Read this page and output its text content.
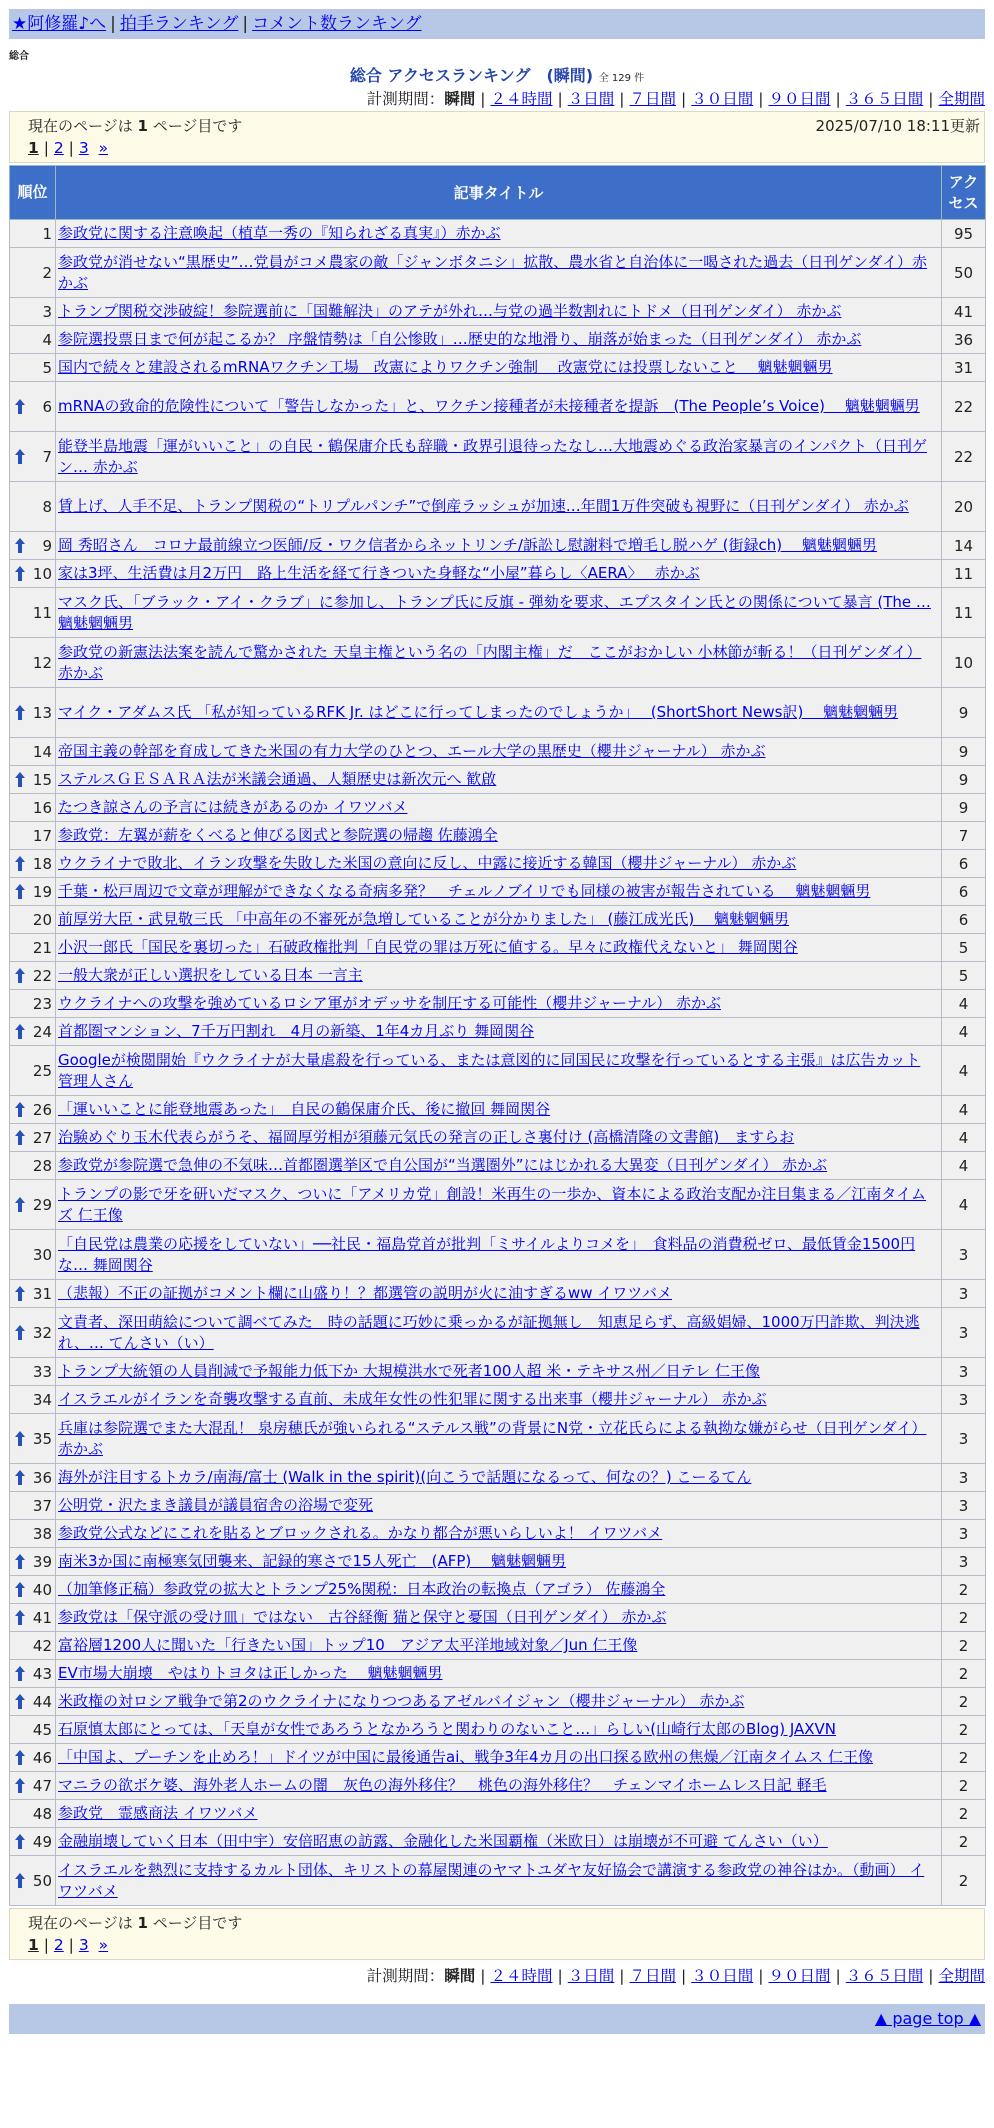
★阿修羅♪へ | 拍手ランキング | コメント数ランキング
総合
総合 アクセスランキング　(瞬間) 全 129 件
計測期間：瞬間 | ２４時間 | ３日間 | ７日間 | ３０日間 | ９０日間 | ３６５日間 | 全期間
現在のページは 1 ページ目です	2025/07/10 18:11更新
1 | 2 | 3 »
順位	記事タイトル	アクセス
1	参政党に関する注意喚起（植草一秀の『知られざる真実』）赤かぶ	95
2	参政党が消せない“黒歴史”…党員がコメ農家の敵「ジャンボタニシ」拡散、農水省と自治体に一喝された過去（日刊ゲンダイ）赤かぶ	50
3	トランプ関税交渉破綻！参院選前に「国難解決」のアテが外れ…与党の過半数割れにトドメ（日刊ゲンダイ） 赤かぶ	41
4	参院選投票日まで何が起こるか？ 序盤情勢は「自公惨敗」…歴史的な地滑り、崩落が始まった（日刊ゲンダイ） 赤かぶ	36
5	国内で続々と建設されるmRNAワクチン工場　改憲によりワクチン強制　 改憲党には投票しないこと　 魑魅魍魎男	31

6	mRNAの致命的危険性について「警告しなかった」と、ワクチン接種者が未接種者を提訴　(The People’s Voice)　 魑魅魍魎男	22

7	能登半島地震「運がいいこと」の自民・鶴保庸介氏も辞職・政界引退待ったなし…大地震めぐる政治家暴言のインパクト（日刊ゲン… 赤かぶ	22
8	賃上げ、人手不足、トランプ関税の“トリプルパンチ”で倒産ラッシュが加速…年間1万件突破も視野に（日刊ゲンダイ） 赤かぶ	20

9	岡 秀昭さん　コロナ最前線立つ医師/反・ワク信者からネットリンチ/訴訟し慰謝料で増毛し脱ハゲ (街録ch)　 魑魅魍魎男	14

10	家は3坪、生活費は月2万円　路上生活を経て行きついた身軽な“小屋”暮らし〈AERA〉　 赤かぶ	11
11	マスク氏、「ブラック・アイ・クラブ」に参加し、トランプ氏に反旗 - 弾劾を要求、エプスタイン氏との関係について暴言 (The … 魑魅魍魎男	11
12	参政党の新憲法法案を読んで驚かされた 天皇主権という名の「内閣主権」だ　ここがおかしい 小林節が斬る！（日刊ゲンダイ） 赤かぶ	10

13	マイク・アダムス氏 「私が知っているRFK Jr. はどこに行ってしまったのでしょうか」　 (ShortShort News訳)　 魑魅魍魎男	9
14	帝国主義の幹部を育成してきた米国の有力大学のひとつ、エール大学の黒歴史（櫻井ジャーナル） 赤かぶ	9

15	ステルスＧＥＳＡＲＡ法が米議会通過、人類歴史は新次元へ 歓啟	9
16	たつき諒さんの予言には続きがあるのか イワツバメ	9
17	参政党：左翼が薪をくべると伸びる図式と参院選の帰趨 佐藤鴻全	7

18	ウクライナで敗北、イラン攻撃を失敗した米国の意向に反し、中露に接近する韓国（櫻井ジャーナル） 赤かぶ	6

19	千葉・松戸周辺で文章が理解ができなくなる奇病多発？　チェルノブイリでも同様の被害が報告されている　 魑魅魍魎男	6
20	前厚労大臣・武見敬三氏 「中高年の不審死が急増していることが分かりました」 (藤江成光氏)　 魑魅魍魎男	6
21	小沢一郎氏「国民を裏切った」石破政権批判「自民党の罪は万死に値する。早々に政権代えないと」 舞岡関谷	5

22	一般大衆が正しい選択をしている日本 一言主	5
23	ウクライナへの攻撃を強めているロシア軍がオデッサを制圧する可能性（櫻井ジャーナル） 赤かぶ	4

24	首都圏マンション、7千万円割れ　4月の新築、1年4カ月ぶり 舞岡関谷	4
25	Googleが検閲開始『ウクライナが大量虐殺を行っている、または意図的に同国民に攻撃を行っているとする主張』は広告カット 管理人さん	4

26	「運いいことに能登地震あった」　自民の鶴保庸介氏、後に撤回 舞岡関谷	4

27	治験めぐり玉木代表らがうそ、福岡厚労相が須藤元気氏の発言の正しさ裏付け (高橋清隆の文書館)　ますらお	4
28	参政党が参院選で急伸の不気味…首都圏選挙区で自公国が“当選圏外”にはじかれる大異変（日刊ゲンダイ） 赤かぶ	4

29	トランプの影で牙を研いだマスク、ついに「アメリカ党」創設！米再生の一歩か、資本による政治支配か注目集まる／江南タイムズ 仁王像	4
30	「自民党は農業の応援をしていない」──社民・福島党首が批判「ミサイルよりコメを」　食料品の消費税ゼロ、最低賃金1500円な… 舞岡関谷	3

31	（悲報）不正の証拠がコメント欄に山盛り！？都選管の説明が火に油すぎるww イワツバメ	3

32	文責者、深田萌絵について調べてみた　時の話題に巧妙に乗っかるが証拠無し　知恵足らず、高級娼婦、1000万円詐欺、判決逃れ、… てんさい（い）	3
33	トランプ大統領の人員削減で予報能力低下か 大規模洪水で死者100人超 米・テキサス州／日テレ 仁王像	3
34	イスラエルがイランを奇襲攻撃する直前、未成年女性の性犯罪に関する出来事（櫻井ジャーナル） 赤かぶ	3

35	兵庫は参院選でまた大混乱！ 泉房穂氏が強いられる“ステルス戦”の背景にN党・立花氏らによる執拗な嫌がらせ（日刊ゲンダイ） 赤かぶ	3

36	海外が注目するトカラ/南海/富士 (Walk in the spirit)(向こうで話題になるって、何なの？) こーるてん	3
37	公明党・沢たまき議員が議員宿舎の浴場で変死	3
38	参政党公式などにこれを貼るとブロックされる。かなり都合が悪いらしいよ！ イワツバメ	3

39	南米3か国に南極寒気団襲来、記録的寒さで15人死亡　(AFP)　 魑魅魍魎男	3

40	（加筆修正稿）参政党の拡大とトランプ25%関税：日本政治の転換点（アゴラ） 佐藤鴻全	2

41	参政党は「保守派の受け皿」ではない　古谷経衡 猫と保守と憂国（日刊ゲンダイ） 赤かぶ	2
42	富裕層1200人に聞いた「行きたい国」トップ10　アジア太平洋地域対象／Jun 仁王像	2

43	EV市場大崩壊　やはりトヨタは正しかった　 魑魅魍魎男	2

44	米政権の対ロシア戦争で第2のウクライナになりつつあるアゼルバイジャン（櫻井ジャーナル） 赤かぶ	2
45	石原慎太郎にとっては、「天皇が女性であろうとなかろうと関わりのないこと…」らしい(山崎行太郎のBlog) JAXVN	2

46	「中国よ、プーチンを止めろ！」ドイツが中国に最後通告ai、戦争3年4カ月の出口探る欧州の焦燥／江南タイムス 仁王像	2

47	マニラの欲ボケ婆、海外老人ホームの闇　灰色の海外移住？　桃色の海外移住？　チェンマイホームレス日記 軽毛	2
48	参政党　霊感商法 イワツバメ	2

49	金融崩壊していく日本（田中宇）安倍昭恵の訪露、金融化した米国覇権（米欧日）は崩壊が不可避 てんさい（い）	2

50	イスラエルを熱烈に支持するカルト団体、キリストの幕屋関連のヤマトユダヤ友好協会で講演する参政党の神谷はか。（動画） イワツバメ	2
現在のページは 1 ページ目です
1 | 2 | 3 »
計測期間：瞬間 | ２４時間 | ３日間 | ７日間 | ３０日間 | ９０日間 | ３６５日間 | 全期間
▲ page top ▲
